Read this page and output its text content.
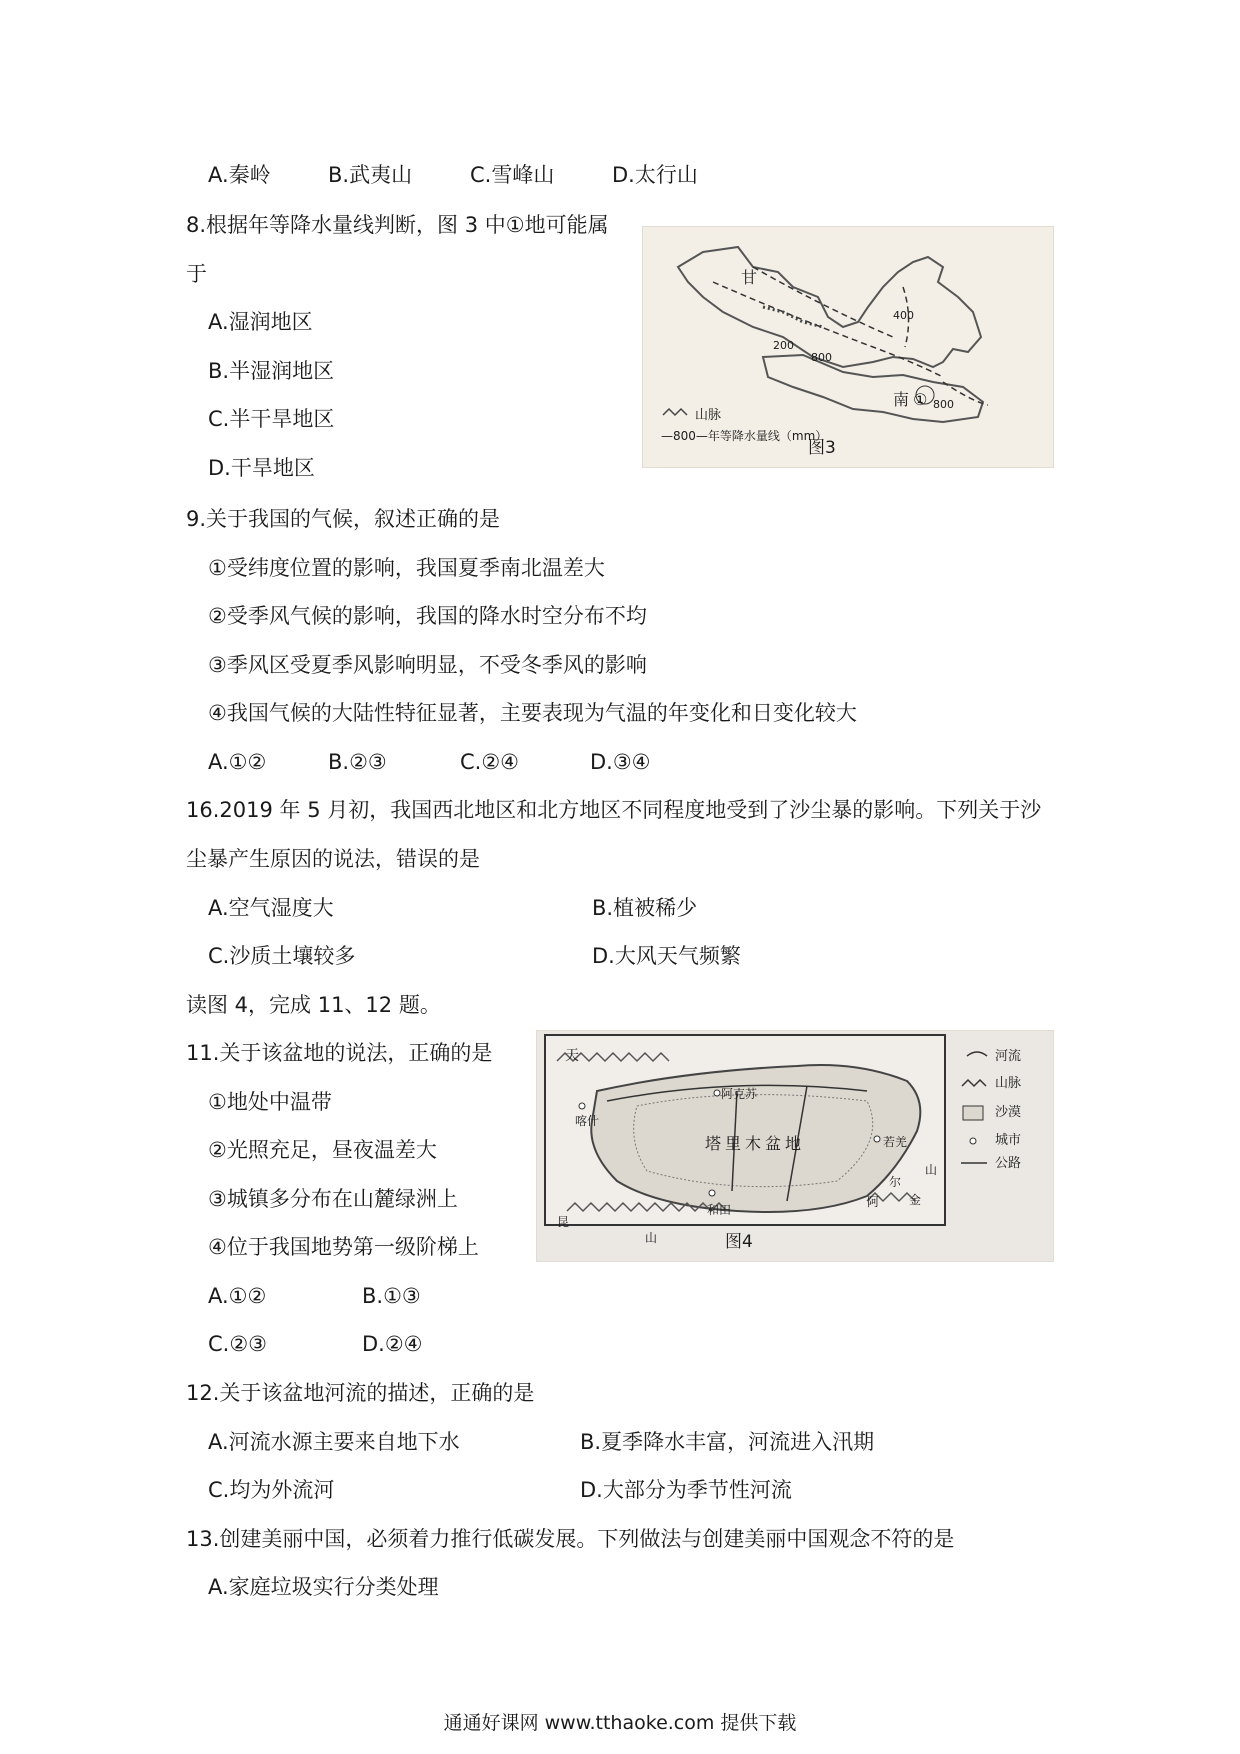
A.秦岭	B.武夷山	C.雪峰山	D.太行山
8.根据年等降水量线判断，图 3 中①地可能属
于
A.湿润地区
B.半湿润地区
C.半干旱地区
D.干旱地区
甘
200
400
800
①
南 800
山脉
—800—年等降水量线（mm）
图3
9.关于我国的气候，叙述正确的是
①受纬度位置的影响，我国夏季南北温差大
②受季风气候的影响，我国的降水时空分布不均
③季风区受夏季风影响明显，不受冬季风的影响
④我国气候的大陆性特征显著，主要表现为气温的年变化和日变化较大
A.①②	B.②③	C.②④	D.③④
16.2019 年 5 月初，我国西北地区和北方地区不同程度地受到了沙尘暴的影响。下列关于沙
尘暴产生原因的说法，错误的是
A.空气湿度大	B.植被稀少
C.沙质土壤较多	D.大风天气频繁
读图 4，完成 11、12 题。
11.关于该盆地的说法，正确的是
①地处中温带
②光照充足，昼夜温差大
③城镇多分布在山麓绿洲上
④位于我国地势第一级阶梯上
A.①②	B.①③
C.②③	D.②④
天
阿克苏
喀什
塔里木盆地
和田
昆
山
若羌
尔
阿 金
山
河流
山脉
沙漠
城市
公路
图4
12.关于该盆地河流的描述，正确的是
A.河流水源主要来自地下水	B.夏季降水丰富，河流进入汛期
C.均为外流河	D.大部分为季节性河流
13.创建美丽中国，必须着力推行低碳发展。下列做法与创建美丽中国观念不符的是
A.家庭垃圾实行分类处理
通通好课网 www.tthaoke.com 提供下载
